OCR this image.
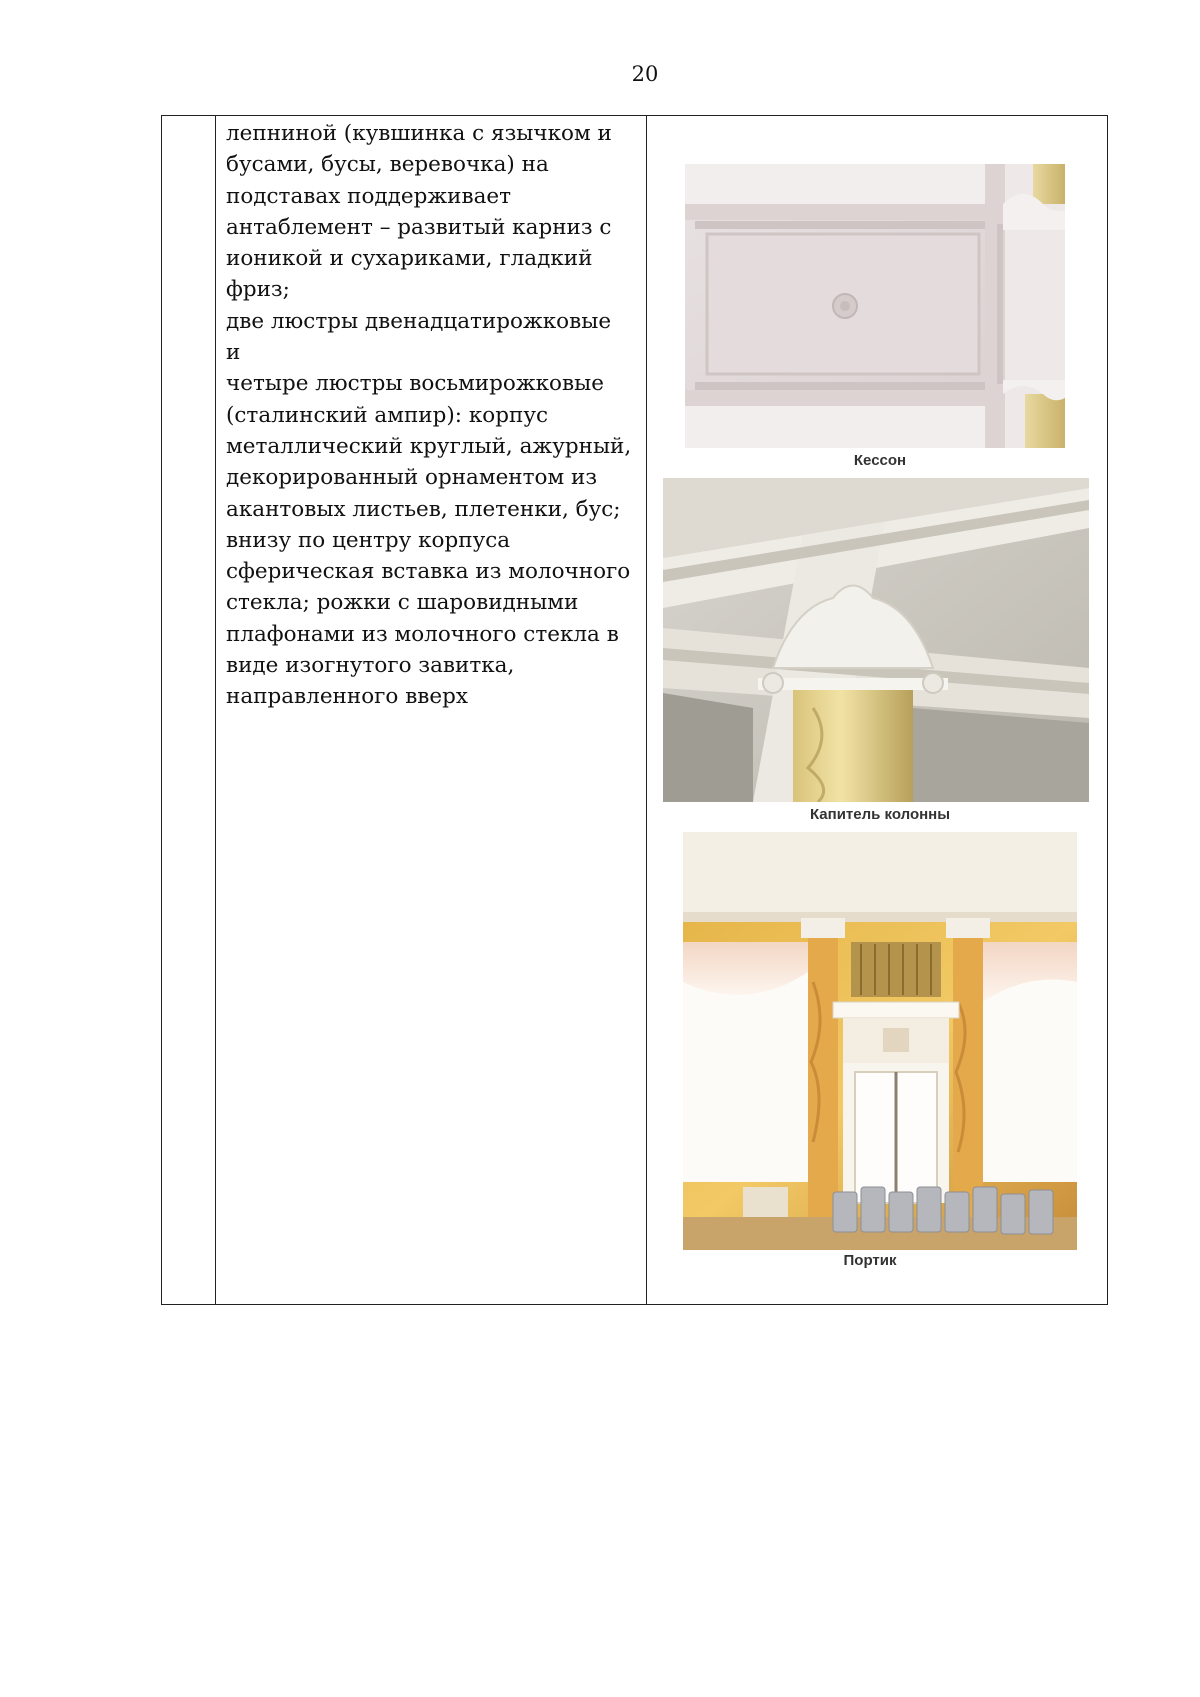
20
лепниной (кувшинка с язычком и
бусами, бусы, веревочка) на
подставах поддерживает
антаблемент – развитый карниз с
ионикой и сухариками, гладкий
фриз;
две люстры двенадцатирожковые
и
четыре люстры восьмирожковые
(сталинский ампир): корпус
металлический круглый, ажурный,
декорированный орнаментом из
акантовых листьев, плетенки, бус;
внизу по центру корпуса
сферическая вставка из молочного
стекла; рожки с шаровидными
плафонами из молочного стекла в
виде изогнутого завитка,
направленного вверх
Кессон
Капитель колонны
Портик
